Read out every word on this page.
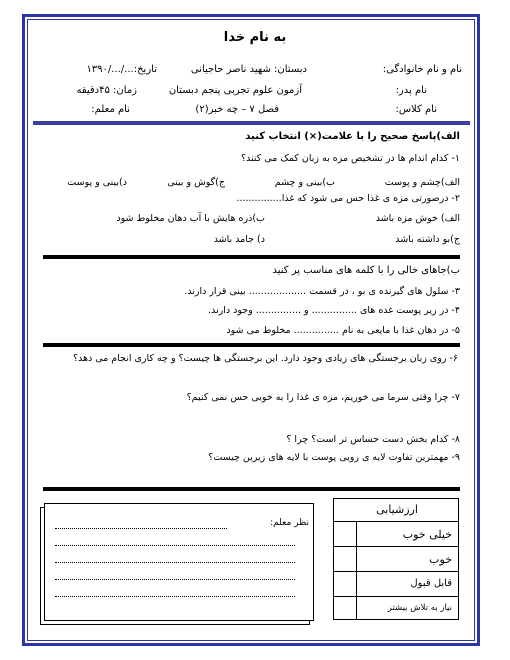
به نام خدا
نام و نام خانوادگی:
دبستان: شهید ناصر حاجیانی
تاریخ:.../.../۱۳۹۰
نام پدر:
آزمون علوم تجربی پنجم دبستان
زمان: ۴۵دقیقه
نام کلاس:
فصل ۷ – چه خبر(۲)
نام معلم:
الف)پاسخ صحیح را با علامت(×) انتخاب کنید
۱- کدام اندام ها در تشخیص مزه به زبان کمک می کنند؟
الف)چشم و پوست
ب)بینی و چشم
ج)گوش و بینی
د)بینی و پوست
۲- درصورتی مزه ی غذا حس می شود که غذا...............
الف) خوش مزه باشد
ب)ذره هایش با آب دهان مخلوط شود
ج)بو داشته باشد
د) جامد باشد
ب)جاهای خالی را با کلمه های مناسب پر کنید
۳- سلول های گیرنده ی بو ، در قسمت ................... بینی قرار دارند.
۴- در زیر پوست غده های ............... و ............... وجود دارند.
۵- در دهان غذا با مایعی به نام ............... مخلوط می شود
۶- روی زبان برجستگی های زیادی وجود دارد. این برجستگی ها چیست؟ و چه کاری انجام می دهد؟
۷- چرا وقتی سرما می خوریم، مزه ی غذا را به خوبی حس نمی کنیم؟
۸- کدام بخش دست حساس تر است؟ چرا ؟
۹- مهمترین تفاوت لایه ی رویی پوست با لایه های زیرین چیست؟
ارزشیابی
خیلی خوب
خوب
قابل قبول
نیاز به تلاش بیشتر
نظر معلم:
